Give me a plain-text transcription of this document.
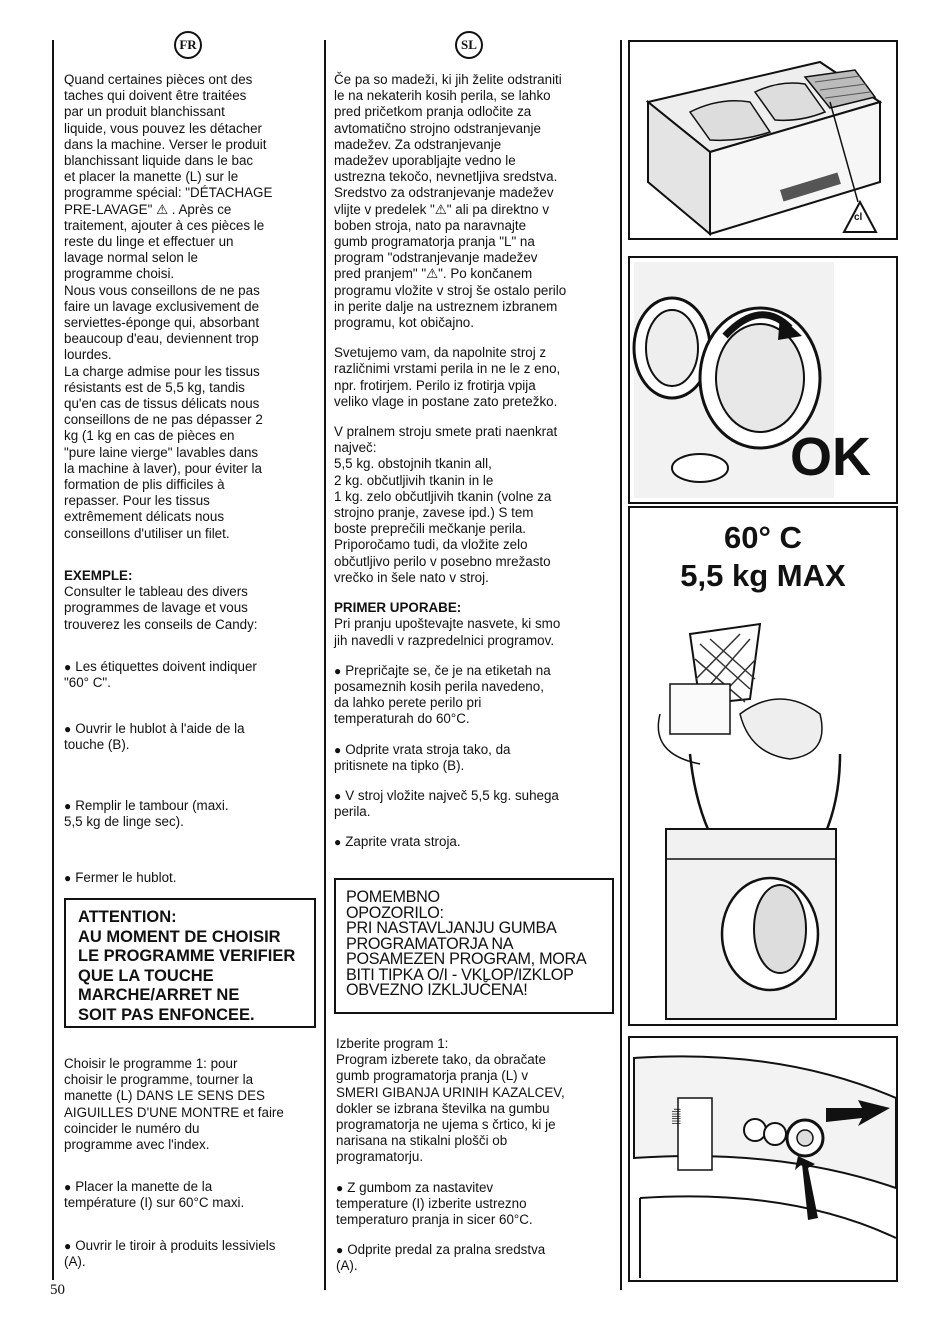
FR	SL

Quand certaines pièces ont des
taches qui doivent être traitées
par un produit blanchissant
liquide, vous pouvez les détacher
dans la machine. Verser le produit
blanchissant liquide dans le bac
et placer la manette (L) sur le
programme spécial: "DÉTACHAGE
PRE-LAVAGE" ⚠ . Après ce
traitement, ajouter à ces pièces le
reste du linge et effectuer un
lavage normal selon le
programme choisi.
Nous vous conseillons de ne pas
faire un lavage exclusivement de
serviettes-éponge qui, absorbant
beaucoup d'eau, deviennent trop
lourdes.
La charge admise pour les tissus
résistants est de 5,5 kg, tandis
qu'en cas de tissus délicats nous
conseillons de ne pas dépasser 2
kg (1 kg en cas de pièces en
"pure laine vierge" lavables dans
la machine à laver), pour éviter la
formation de plis difficiles à
repasser. Pour les tissus
extrêmement délicats nous
conseillons d'utiliser un filet.

EXEMPLE:

Consulter le tableau des divers
programmes de lavage et vous
trouverez les conseils de Candy:

● Les étiquettes doivent indiquer
"60° C".

● Ouvrir le hublot à l'aide de la
touche (B).

● Remplir le tambour (maxi.
5,5 kg de linge sec).

● Fermer le hublot.

ATTENTION:
AU MOMENT DE CHOISIR
LE PROGRAMME VERIFIER
QUE LA TOUCHE
MARCHE/ARRET NE
SOIT PAS ENFONCEE.

Choisir le programme 1: pour
choisir le programme, tourner la
manette (L) DANS LE SENS DES
AIGUILLES D'UNE MONTRE et faire
coincider le numéro du
programme avec l'index.

● Placer la manette de la
température (I) sur 60°C maxi.

● Ouvrir le tiroir à produits lessiviels
(A).

Če pa so madeži, ki jih želite odstraniti
le na nekaterih kosih perila, se lahko
pred pričetkom pranja odločite za
avtomatično strojno odstranjevanje
madežev. Za odstranjevanje
madežev uporabljajte vedno le
ustrezna tekočo, nevnetljiva sredstva.
Sredstvo za odstranjevanje madežev
vlijte v predelek "⚠" ali pa direktno v
boben stroja, nato pa naravnajte
gumb programatorja pranja "L" na
program "odstranjevanje madežev
pred pranjem" "⚠". Po končanem
programu vložite v stroj še ostalo perilo
in perite dalje na ustreznem izbranem
programu, kot običajno.

Svetujemo vam, da napolnite stroj z
različnimi vrstami perila in ne le z eno,
npr. frotirjem. Perilo iz frotirja vpija
veliko vlage in postane zato pretežko.

V pralnem stroju smete prati naenkrat
največ:
5,5 kg. obstojnih tkanin all,
2 kg. občutljivih tkanin in le
1 kg. zelo občutljivih tkanin (volne za
strojno pranje, zavese ipd.) S tem
boste preprečili mečkanje perila.
Priporočamo tudi, da vložite zelo
občutljivo perilo v posebno mrežasto
vrečko in šele nato v stroj.

PRIMER UPORABE:

Pri pranju upoštevajte nasvete, ki smo
jih navedli v razpredelnici programov.

● Prepričajte se, če je na etiketah na
posameznih kosih perila navedeno,
da lahko perete perilo pri
temperaturah do 60°C.

● Odprite vrata stroja tako, da
pritisnete na tipko (B).

● V stroj vložite največ 5,5 kg. suhega
perila.

● Zaprite vrata stroja.

POMEMBNO
OPOZORILO:
PRI NASTAVLJANJU GUMBA
PROGRAMATORJA NA
POSAMEZEN PROGRAM, MORA
BITI TIPKA O/I - VKLOP/IZKLOP
OBVEZNO IZKLJUČENA!

Izberite program 1:
Program izberete tako, da obračate
gumb programatorja pranja (L) v
SMERI GIBANJA URINIH KAZALCEV,
dokler se izbrana številka na gumbu
programatorja ne ujema s črtico, ki je
narisana na stikalni plošči ob
programatorju.

● Z gumbom za nastavitev
temperature (I) izberite ustrezno
temperaturo pranja in sicer 60°C.

● Odprite predal za pralna sredstva
(A).

cl
OK
60° C
5,5 kg MAX
I||||||
50
